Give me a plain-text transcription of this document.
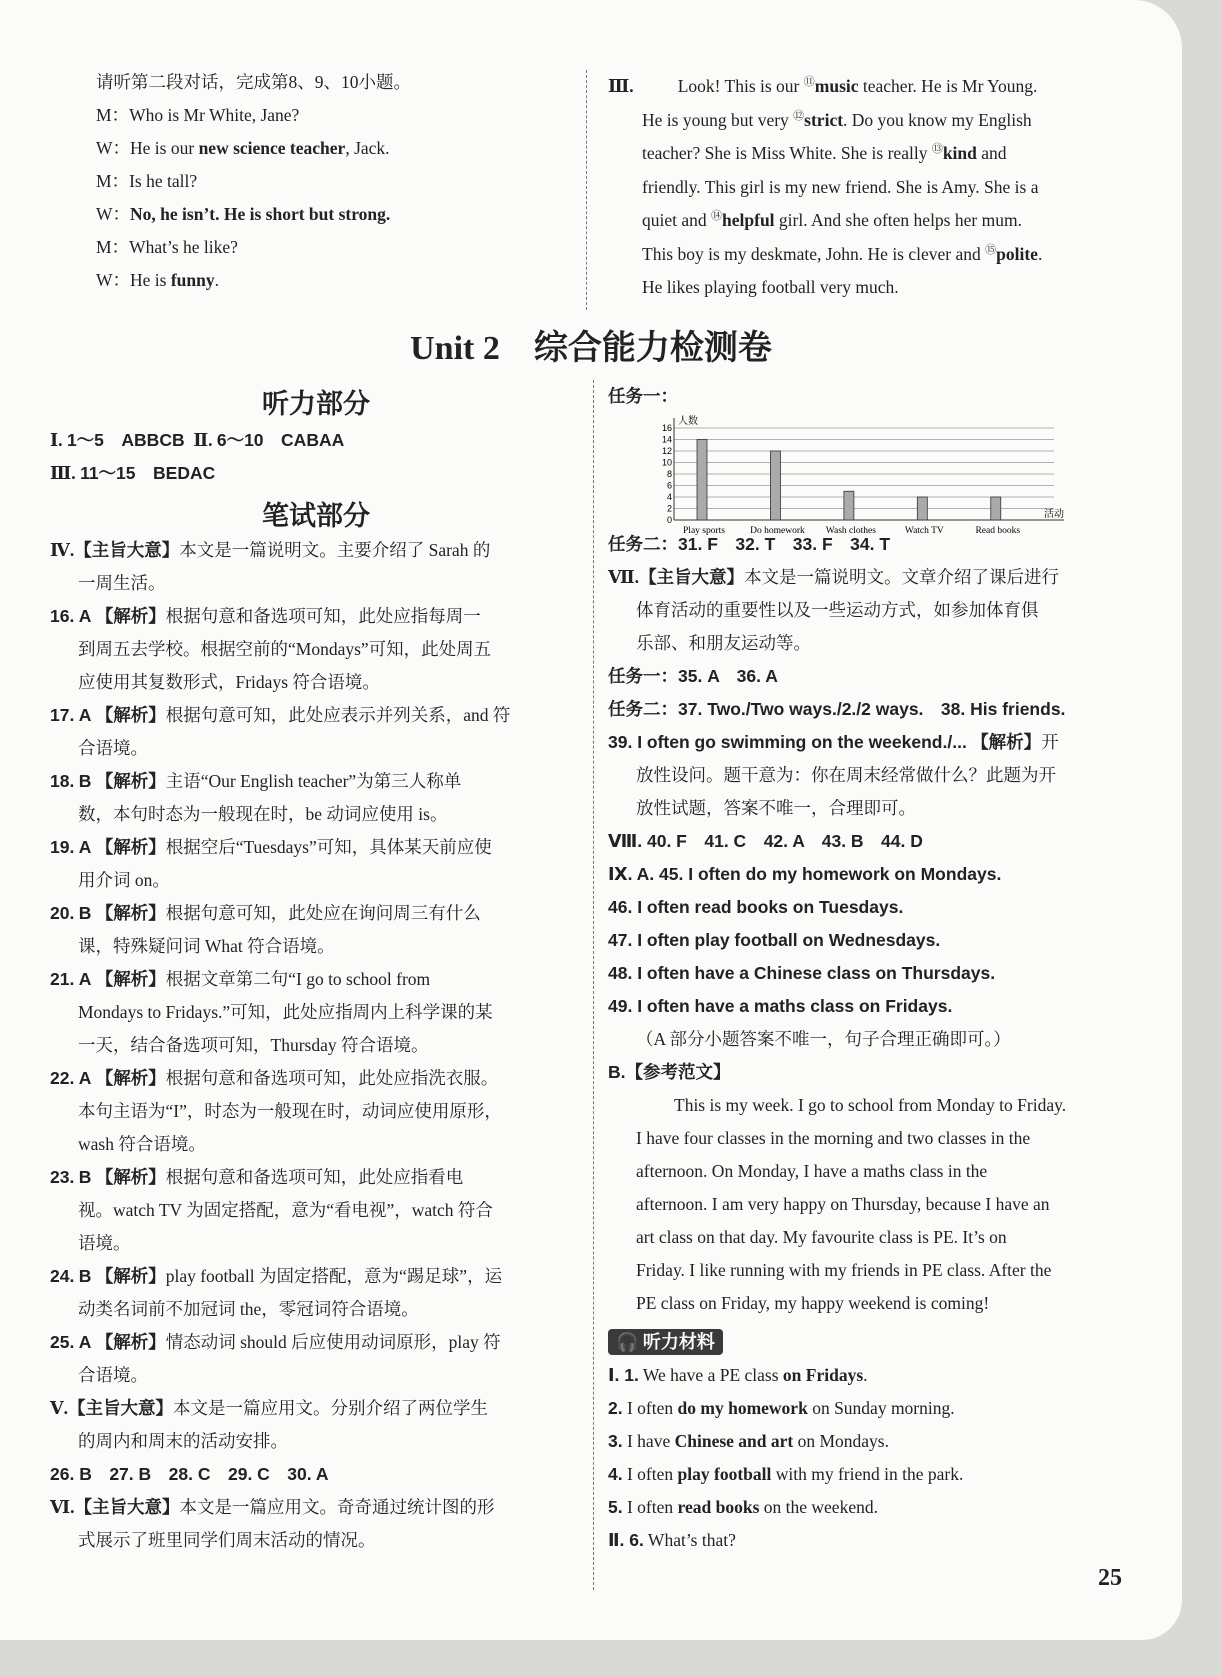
请听第二段对话，完成第8、9、10小题。

M：Who is Mr White, Jane?

W：He is our new science teacher, Jack.

M：Is he tall?

W：No, he isn’t. He is short but strong.

M：What’s he like?

W：He is funny.

Ⅲ.	Look! This is our ⑪music teacher. He is Mr Young.

He is young but very ⑫strict. Do you know my English

teacher? She is Miss White. She is really ⑬kind and

friendly. This girl is my new friend. She is Amy. She is a

quiet and ⑭helpful girl. And she often helps her mum.

This boy is my deskmate, John. He is clever and ⑮polite.

He likes playing football very much.

Unit 2　综合能力检测卷
听力部分

Ⅰ. 1～5　ABBCB Ⅱ. 6～10　CABAA

Ⅲ. 11～15　BEDAC

Ⅳ.【主旨大意】本文是一篇说明文。主要介绍了 Sarah 的

一周生活。

16. A 【解析】根据句意和备选项可知，此处应指每周一

到周五去学校。根据空前的“Mondays”可知，此处周五

应使用其复数形式，Fridays 符合语境。

17. A 【解析】根据句意可知，此处应表示并列关系，and 符

合语境。

18. B 【解析】主语“Our English teacher”为第三人称单

数，本句时态为一般现在时，be 动词应使用 is。

19. A 【解析】根据空后“Tuesdays”可知，具体某天前应使

用介词 on。

20. B 【解析】根据句意可知，此处应在询问周三有什么

课，特殊疑问词 What 符合语境。

21. A 【解析】根据文章第二句“I go to school from

Mondays to Fridays.”可知，此处应指周内上科学课的某

一天，结合备选项可知，Thursday 符合语境。

22. A 【解析】根据句意和备选项可知，此处应指洗衣服。

本句主语为“I”，时态为一般现在时，动词应使用原形，

wash 符合语境。

23. B 【解析】根据句意和备选项可知，此处应指看电

视。watch TV 为固定搭配，意为“看电视”，watch 符合

语境。

24. B 【解析】play football 为固定搭配，意为“踢足球”，运

动类名词前不加冠词 the，零冠词符合语境。

25. A 【解析】情态动词 should 后应使用动词原形，play 符

合语境。

Ⅴ.【主旨大意】本文是一篇应用文。分别介绍了两位学生

的周内和周末的活动安排。

26. B　27. B　28. C　29. C　30. A

Ⅵ.【主旨大意】本文是一篇应用文。奇奇通过统计图的形

式展示了班里同学们周末活动的情况。

笔试部分

任务一：

任务二：31. F　32. T　33. F　34. T

Ⅶ.【主旨大意】本文是一篇说明文。文章介绍了课后进行

体育活动的重要性以及一些运动方式，如参加体育俱

乐部、和朋友运动等。

任务一：35. A　36. A

任务二：37. Two./Two ways./2./2 ways.　38. His friends.

39. I often go swimming on the weekend./... 【解析】开

放性设问。题干意为：你在周末经常做什么？此题为开

放性试题，答案不唯一，合理即可。

Ⅷ. 40. F　41. C　42. A　43. B　44. D

Ⅸ. A. 45. I often do my homework on Mondays.

46. I often read books on Tuesdays.

47. I often play football on Wednesdays.

48. I often have a Chinese class on Thursdays.

49. I often have a maths class on Fridays.

（A 部分小题答案不唯一，句子合理正确即可。）

B.【参考范文】

This is my week. I go to school from Monday to Friday.

I have four classes in the morning and two classes in the

afternoon. On Monday, I have a maths class in the

afternoon. I am very happy on Thursday, because I have an

art class on that day. My favourite class is PE. It’s on

Friday. I like running with my friends in PE class. After the

PE class on Friday, my happy weekend is coming!

🎧 听力材料

Ⅰ. 1. We have a PE class on Fridays.

2. I often do my homework on Sunday morning.

3. I have Chinese and art on Mondays.

4. I often play football with my friend in the park.

5. I often read books on the weekend.

Ⅱ. 6. What’s that?

0
2
4
6
8
10
12
14
16
人数
活动
Play sports	Do homework Wash clothes	Watch TV	Read books
25
